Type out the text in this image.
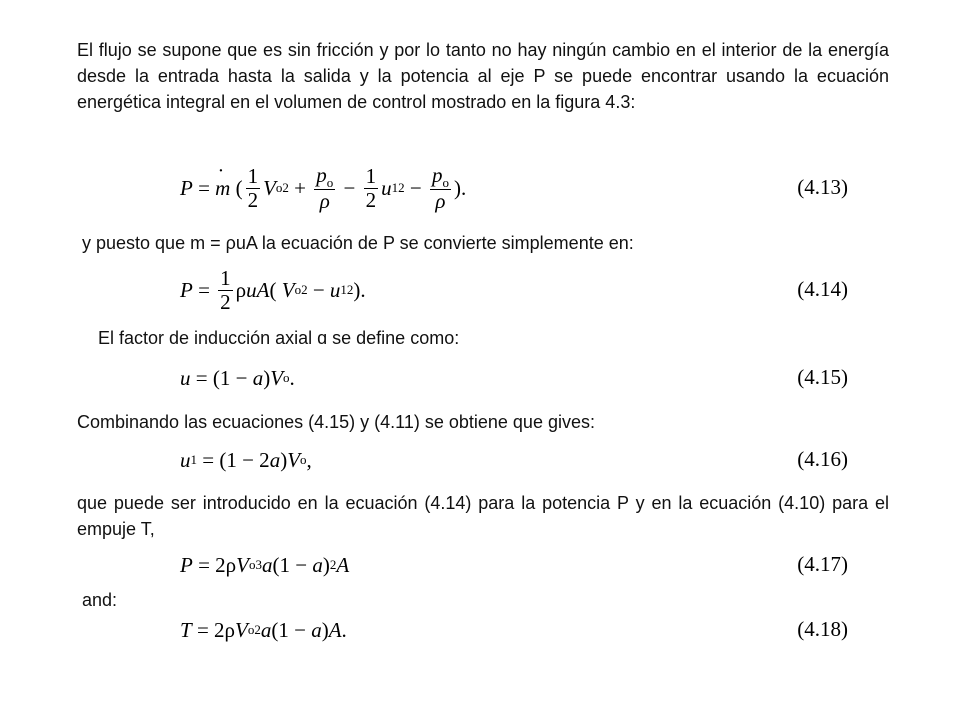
El flujo se supone que es sin fricción y por lo tanto no hay ningún cambio en el interior de la energía desde la entrada hasta la salida y la potencia al eje P se puede encontrar usando la ecuación energética integral en el volumen de control mostrado en la figura 4.3:
P =
· m ( $\frac{1}{2}$ V o $2 + \frac{p_o}{\rho} - \frac{1}{2}$ u 1 $2 - \frac{p_o}{\rho}$ ).	(4.13)
y puesto que m = ρuA la ecuación de P se convierte simplemente en:
$P = \frac{1}{2}$ ρ uA ( V o 2 − u 1 2 ).	(4.14)
El factor de inducción axial ɑ se define como:
u = (1 − a ) V o .	(4.15)
Combinando las ecuaciones (4.15) y (4.11) se obtiene que gives:
u 1 = (1 − 2 a ) V o ,	(4.16)
que puede ser introducido en la ecuación (4.14) para la potencia P y en la ecuación (4.10) para el empuje T,
P = 2ρ V o 3 a (1 − a ) 2 A	(4.17)
and:
T = 2ρ V o 2 a (1 − a ) A .	(4.18)
